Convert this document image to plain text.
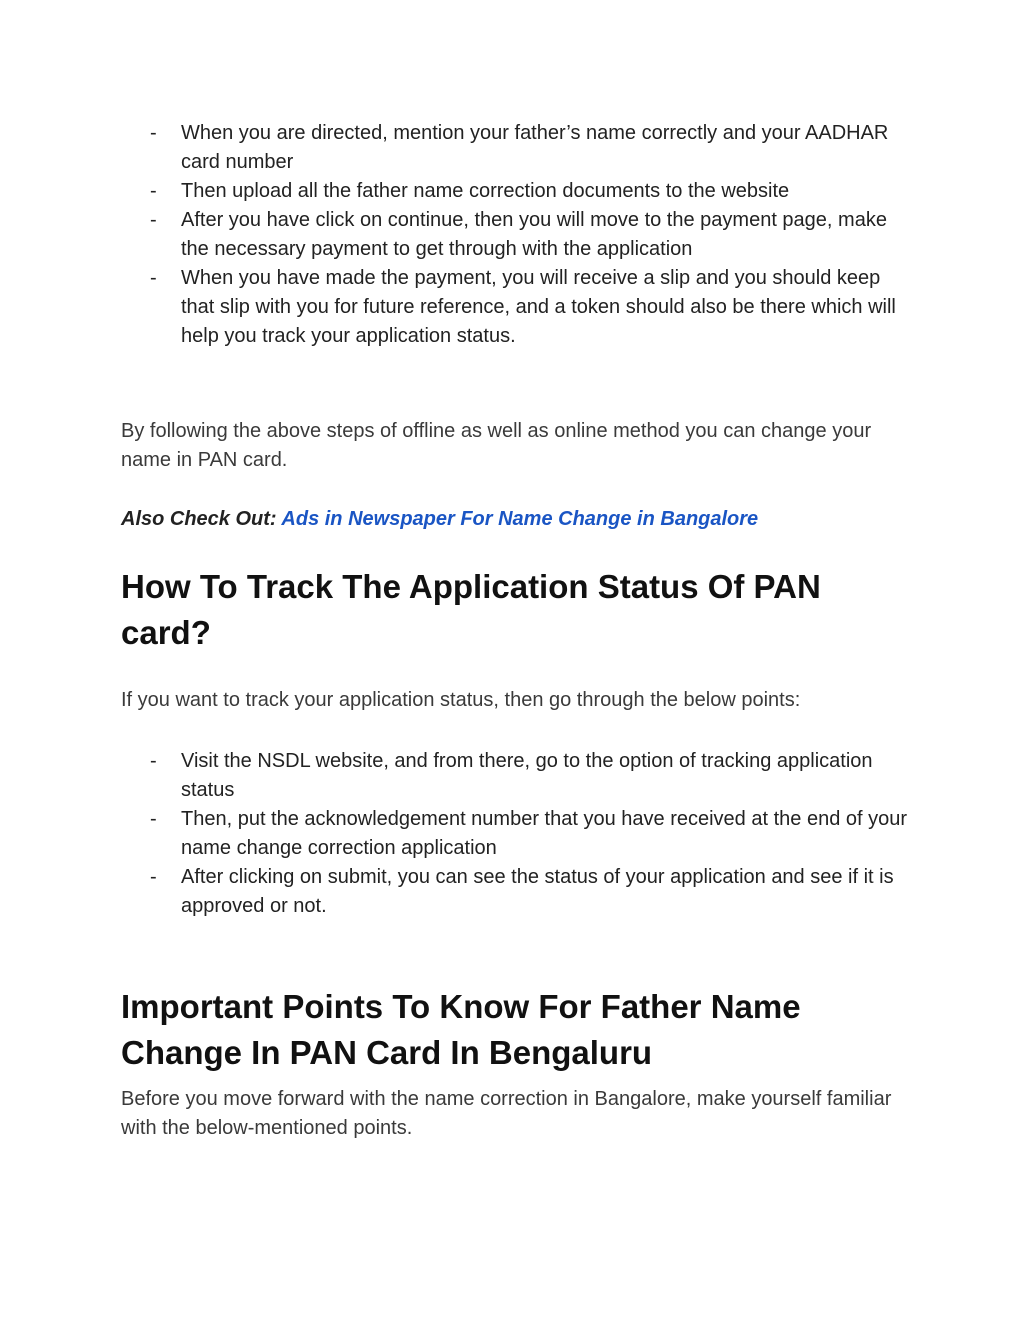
- When you are directed, mention your father’s name correctly and your AADHAR card number
- Then upload all the father name correction documents to the website
- After you have click on continue, then you will move to the payment page, make the necessary payment to get through with the application
- When you have made the payment, you will receive a slip and you should keep that slip with you for future reference, and a token should also be there which will help you track your application status.

By following the above steps of offline as well as online method you can change your name in PAN card.

Also Check Out: Ads in Newspaper For Name Change in Bangalore

How To Track The Application Status Of PAN card?

If you want to track your application status, then go through the below points:

- Visit the NSDL website, and from there, go to the option of tracking application status
- Then, put the acknowledgement number that you have received at the end of your name change correction application
- After clicking on submit, you can see the status of your application and see if it is approved or not.
Important Points To Know For Father Name Change In PAN Card In Bengaluru

Before you move forward with the name correction in Bangalore, make yourself familiar with the below-mentioned points.
